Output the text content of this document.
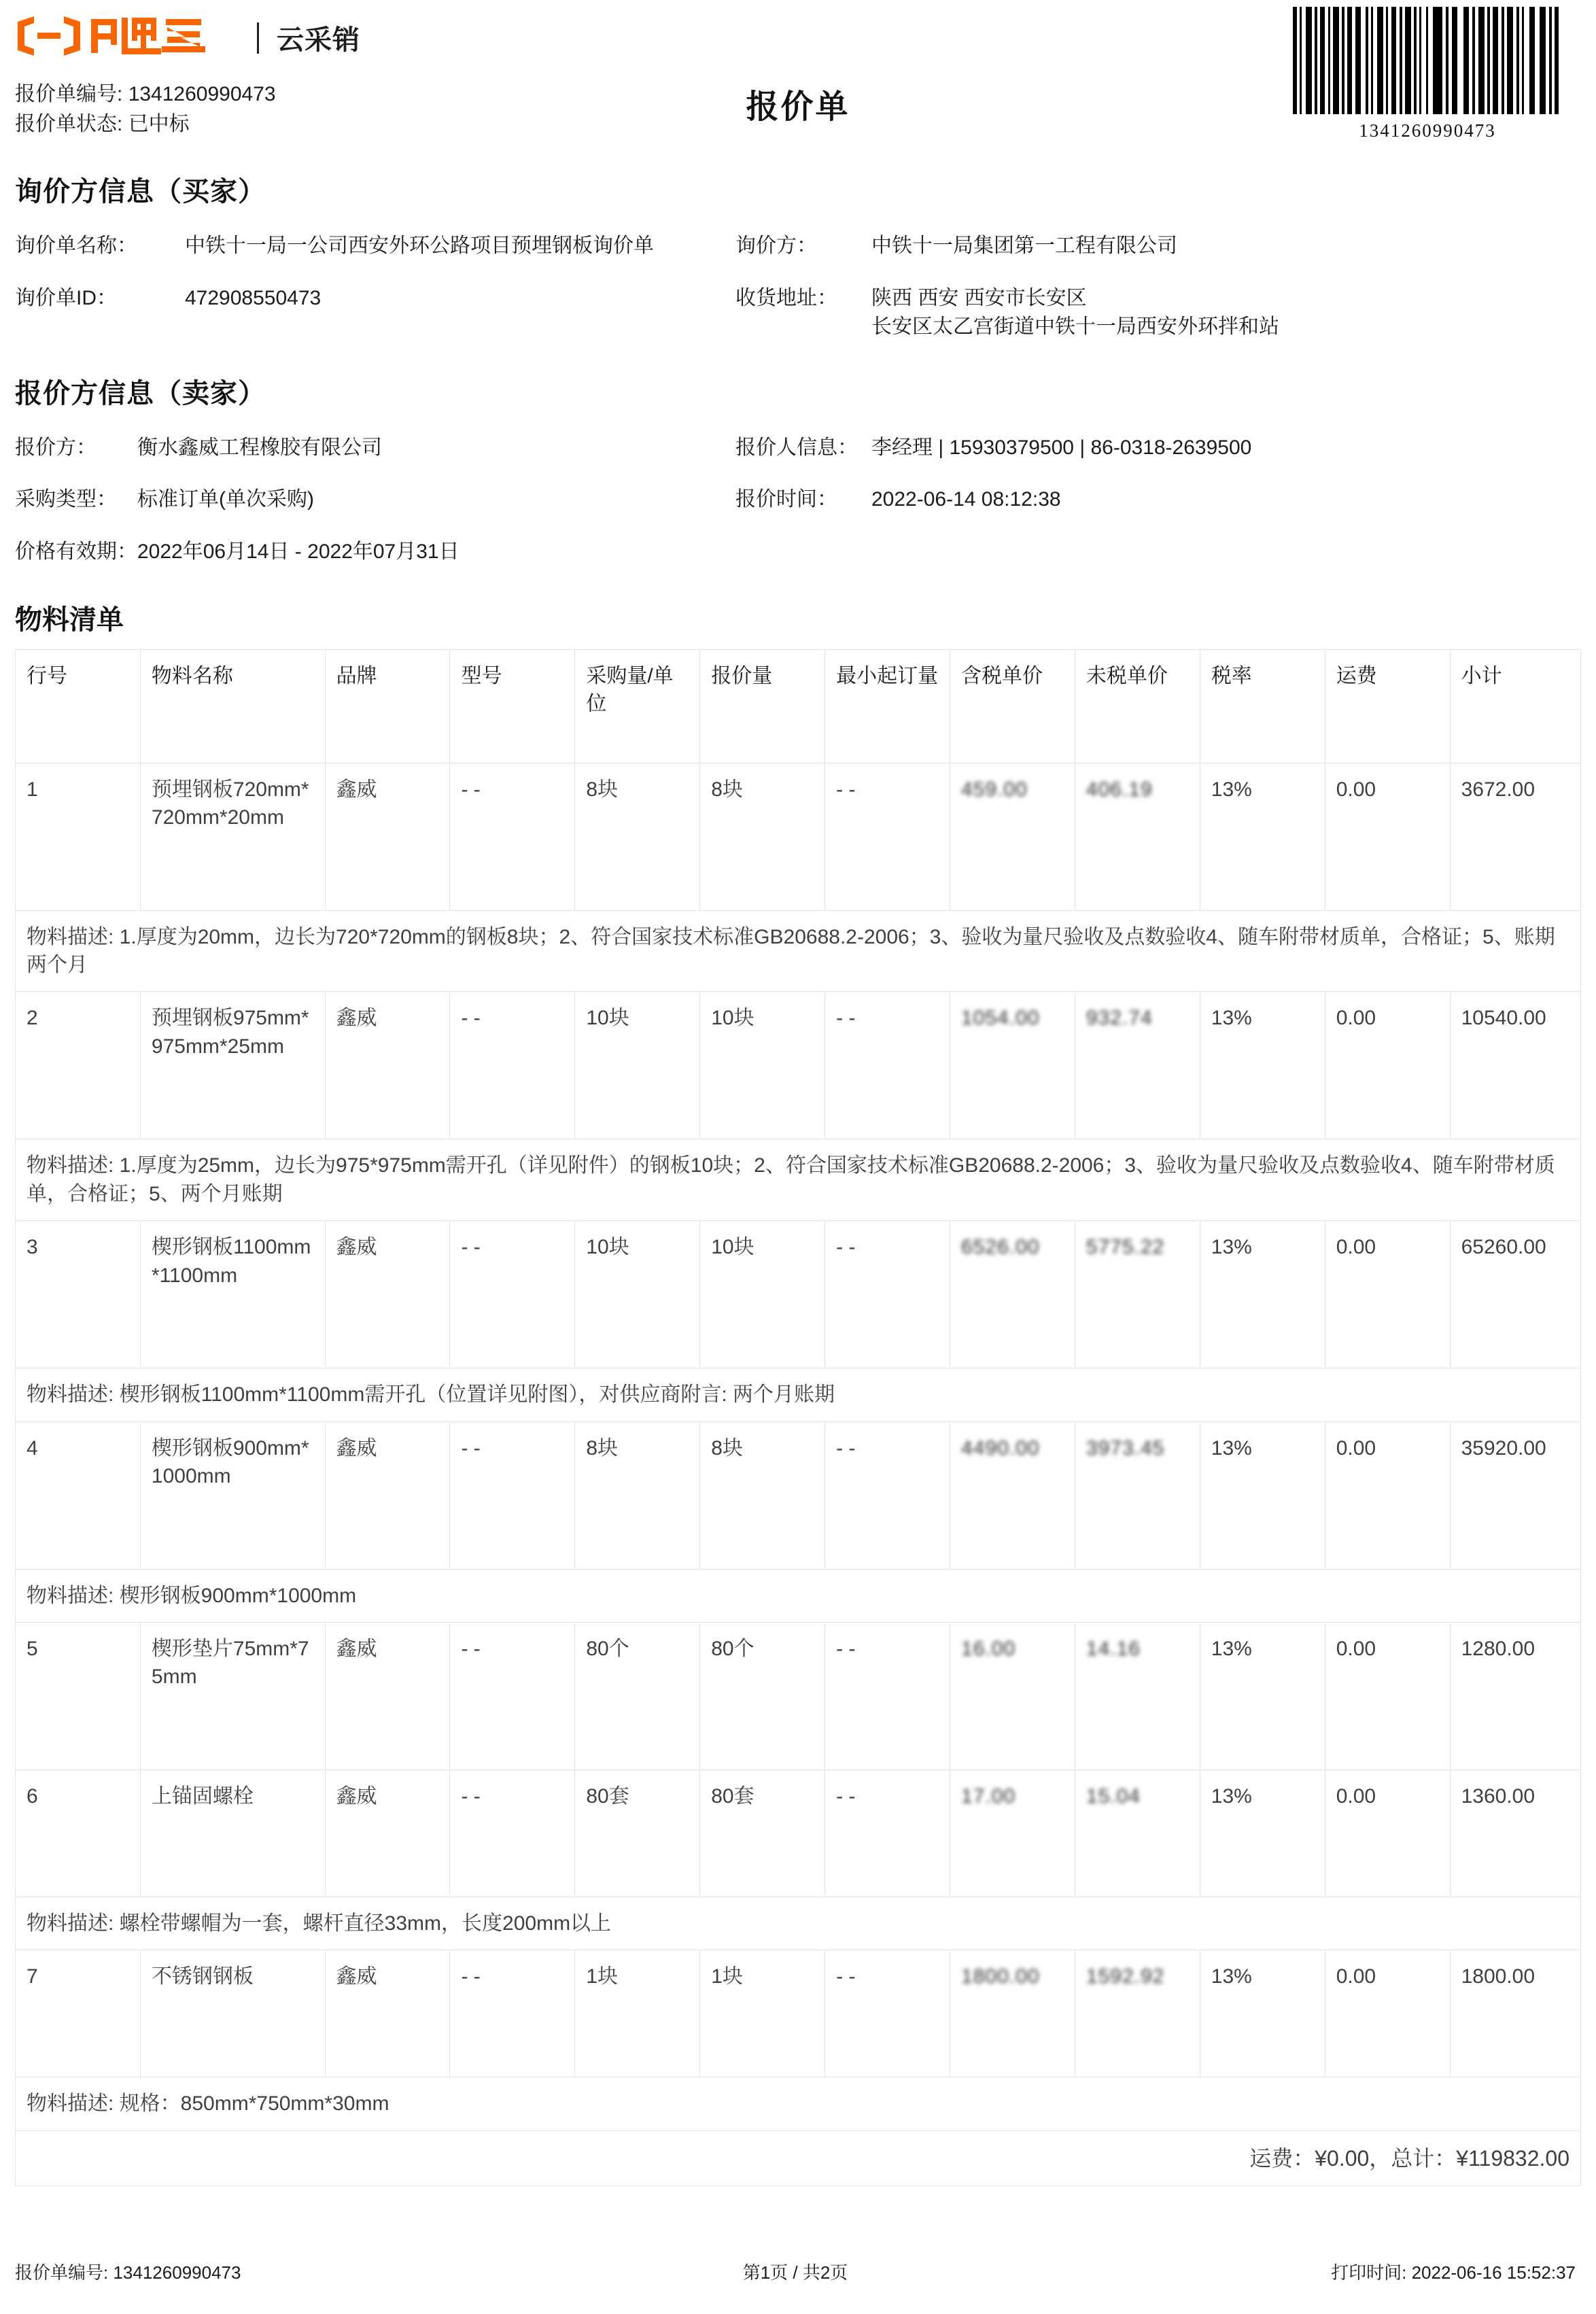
云采销
报价单编号: 1341260990473
报价单状态: 已中标	报价单
1341260990473
询价方信息（买家）
询价单名称：	中铁十一局一公司西安外环公路项目预埋钢板询价单	询价方：	中铁十一局集团第一工程有限公司
询价单ID：	472908550473	收货地址：	陕西 西安 西安市长安区
长安区太乙宫街道中铁十一局西安外环拌和站
报价方信息（卖家）
报价方：	衡水鑫威工程橡胶有限公司	报价人信息： 李经理 | 15930379500 | 86-0318-2639500
采购类型：	标准订单(单次采购)	报价时间：	2022-06-14 08:12:38
价格有效期： 2022年06月14日 - 2022年07月31日
物料清单
行号	物料名称	品牌	型号	采购量/单位	报价量	最小起订量	含税单价	未税单价	税率	运费	小计
1	预埋钢板720mm*720mm*20mm	鑫威	- -	8块	8块	- -	459.00	406.19	13%	0.00	3672.00
物料描述: 1.厚度为20mm，边长为720*720mm的钢板8块；2、符合国家技术标准GB20688.2-2006；3、验收为量尺验收及点数验收4、随车附带材质单，合格证；5、账期两个月											
2	预埋钢板975mm*975mm*25mm	鑫威	- -	10块	10块	- -	1054.00	932.74	13%	0.00	10540.00
物料描述: 1.厚度为25mm，边长为975*975mm需开孔（详见附件）的钢板10块；2、符合国家技术标准GB20688.2-2006；3、验收为量尺验收及点数验收4、随车附带材质单，合格证；5、两个月账期											
3	楔形钢板1100mm*1100mm	鑫威	- -	10块	10块	- -	6526.00	5775.22	13%	0.00	65260.00
物料描述: 楔形钢板1100mm*1100mm需开孔（位置详见附图），对供应商附言: 两个月账期											
4	楔形钢板900mm*1000mm	鑫威	- -	8块	8块	- -	4490.00	3973.45	13%	0.00	35920.00
物料描述: 楔形钢板900mm*1000mm											
5	楔形垫片75mm*75mm	鑫威	- -	80个	80个	- -	16.00	14.16	13%	0.00	1280.00
6	上锚固螺栓	鑫威	- -	80套	80套	- -	17.00	15.04	13%	0.00	1360.00
物料描述: 螺栓带螺帽为一套，螺杆直径33mm，长度200mm以上											
7	不锈钢钢板	鑫威	- -	1块	1块	- -	1800.00	1592.92	13%	0.00	1800.00
物料描述: 规格：850mm*750mm*30mm											
运费：¥0.00，总计：¥119832.00											
报价单编号: 1341260990473	第1页 / 共2页	打印时间: 2022-06-16 15:52:37
